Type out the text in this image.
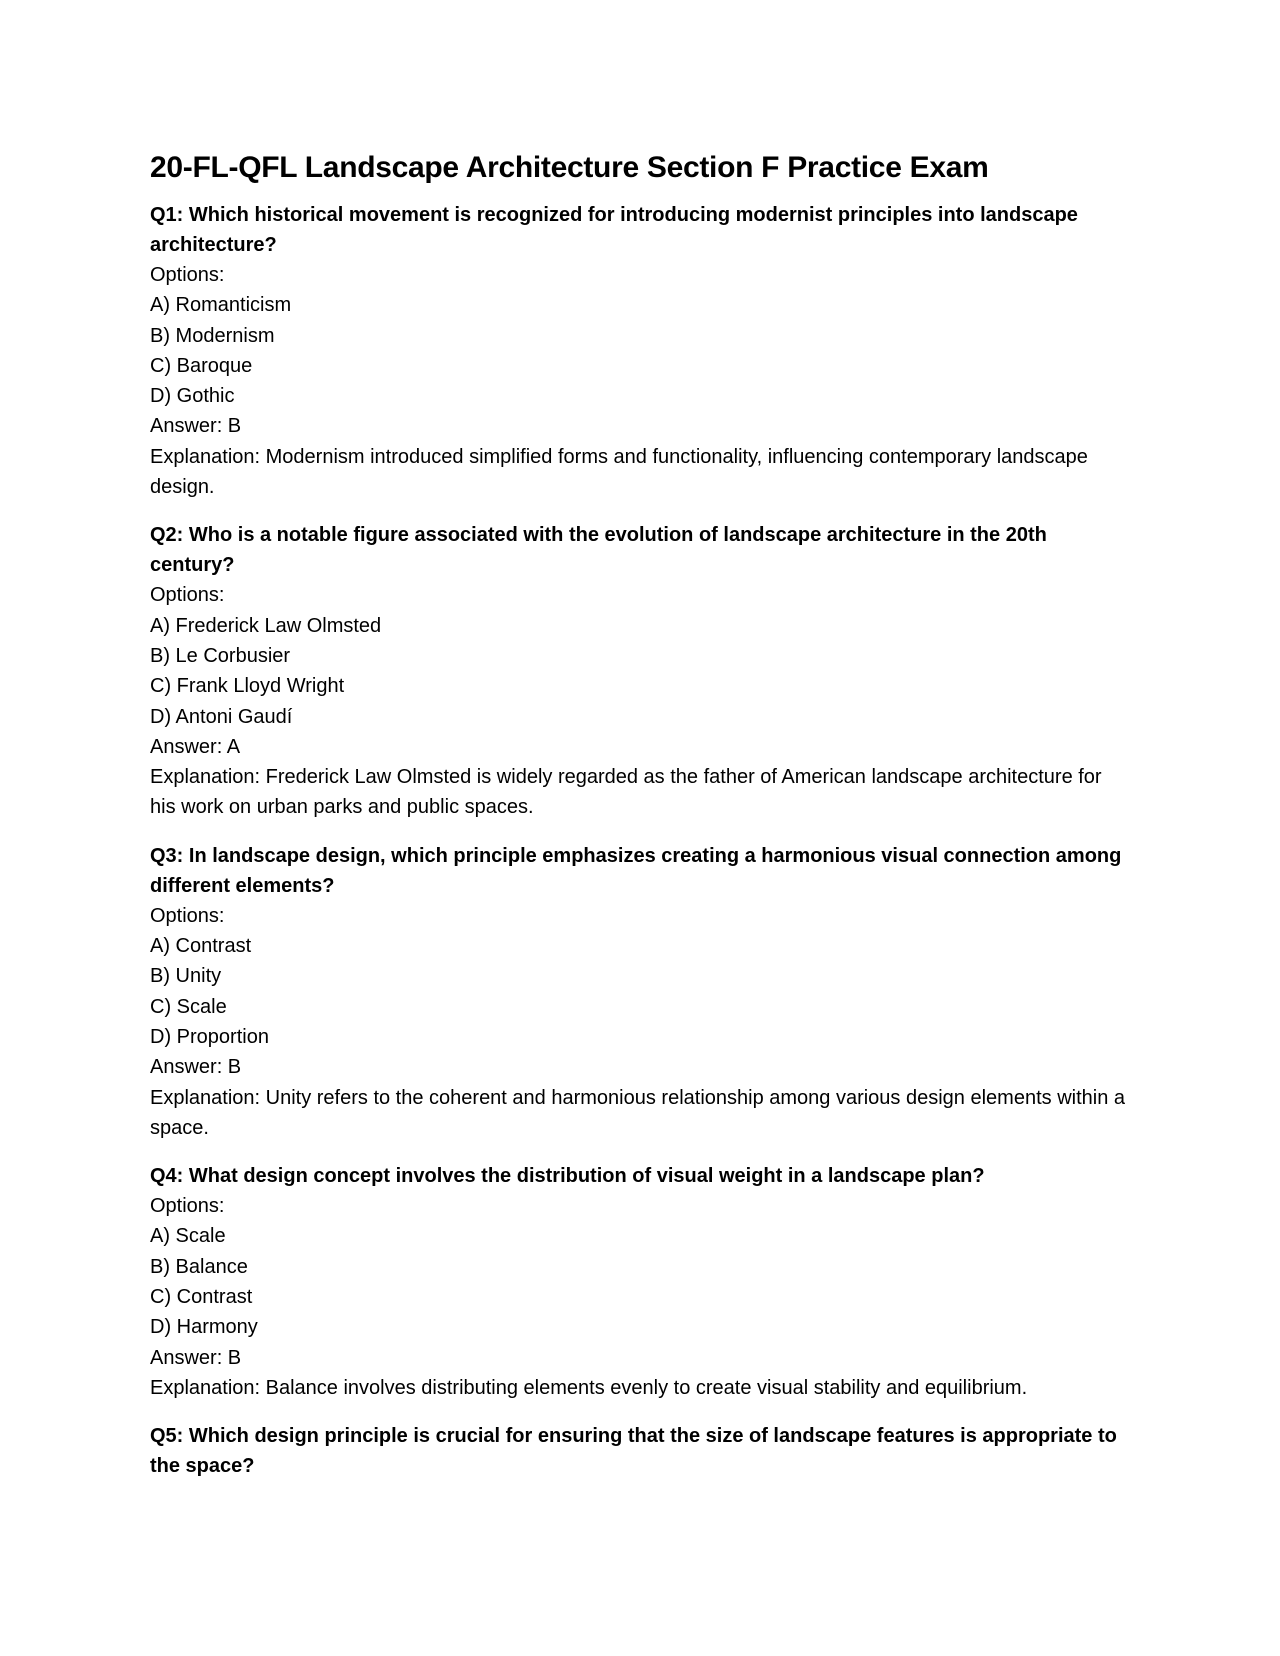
20-FL-QFL Landscape Architecture Section F Practice Exam

Q1: Which historical movement is recognized for introducing modernist principles into landscape architecture?

Options:

A) Romanticism

B) Modernism

C) Baroque

D) Gothic

Answer: B

Explanation: Modernism introduced simplified forms and functionality, influencing contemporary landscape design.

Q2: Who is a notable figure associated with the evolution of landscape architecture in the 20th century?

Options:

A) Frederick Law Olmsted

B) Le Corbusier

C) Frank Lloyd Wright

D) Antoni Gaudí

Answer: A

Explanation: Frederick Law Olmsted is widely regarded as the father of American landscape architecture for his work on urban parks and public spaces.

Q3: In landscape design, which principle emphasizes creating a harmonious visual connection among different elements?

Options:

A) Contrast

B) Unity

C) Scale

D) Proportion

Answer: B

Explanation: Unity refers to the coherent and harmonious relationship among various design elements within a space.

Q4: What design concept involves the distribution of visual weight in a landscape plan?

Options:

A) Scale

B) Balance

C) Contrast

D) Harmony

Answer: B

Explanation: Balance involves distributing elements evenly to create visual stability and equilibrium.

Q5: Which design principle is crucial for ensuring that the size of landscape features is appropriate to the space?
